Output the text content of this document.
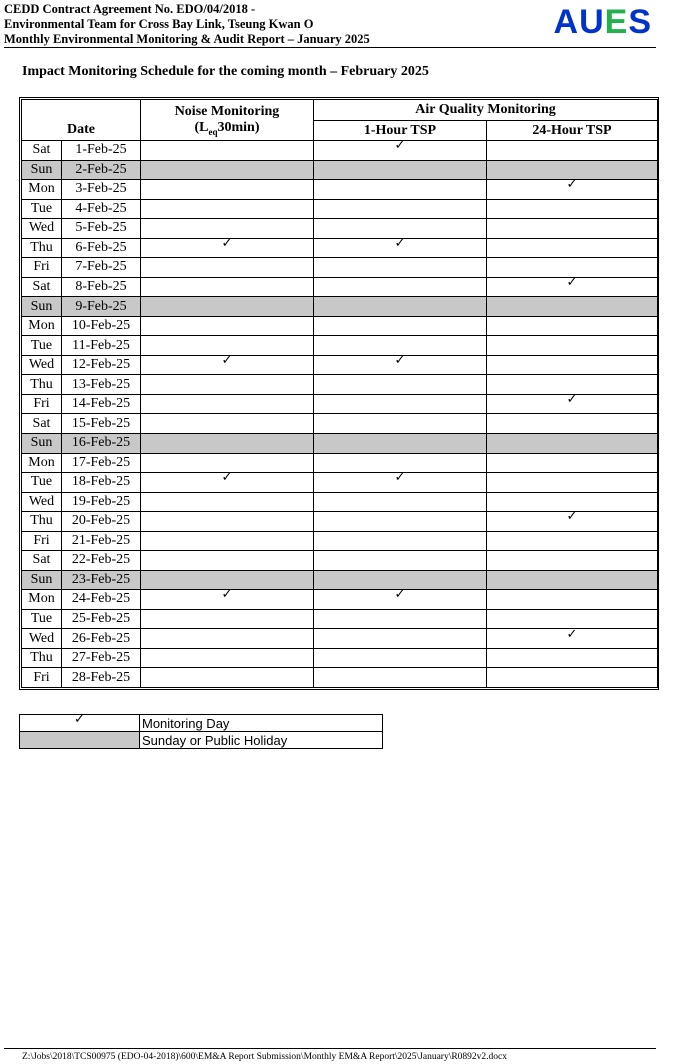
CEDD Contract Agreement No. EDO/04/2018 -
Environmental Team for Cross Bay Link, Tseung Kwan O
Monthly Environmental Monitoring & Audit Report – January 2025	AUES
Impact Monitoring Schedule for the coming month – February 2025
Date		Noise Monitoring
$(L_{eq}30\min)$	Air Quality Monitoring	
			1-Hour TSP	24-Hour TSP
Sat	1-Feb-25		✓	
Sun	2-Feb-25			
Mon	3-Feb-25			✓
Tue	4-Feb-25			
Wed	5-Feb-25			
Thu	6-Feb-25	✓	✓	
Fri	7-Feb-25			
Sat	8-Feb-25			✓
Sun	9-Feb-25			
Mon	10-Feb-25			
Tue	11-Feb-25			
Wed	12-Feb-25	✓	✓	
Thu	13-Feb-25			
Fri	14-Feb-25			✓
Sat	15-Feb-25			
Sun	16-Feb-25			
Mon	17-Feb-25			
Tue	18-Feb-25	✓	✓	
Wed	19-Feb-25			
Thu	20-Feb-25			✓
Fri	21-Feb-25			
Sat	22-Feb-25			
Sun	23-Feb-25			
Mon	24-Feb-25	✓	✓	
Tue	25-Feb-25			
Wed	26-Feb-25			✓
Thu	27-Feb-25			
Fri	28-Feb-25			
✓	Monitoring Day
	Sunday or Public Holiday
Z:\Jobs\2018\TCS00975 (EDO-04-2018)\600\EM&A Report Submission\Monthly EM&A Report\2025\January\R0892v2.docx
